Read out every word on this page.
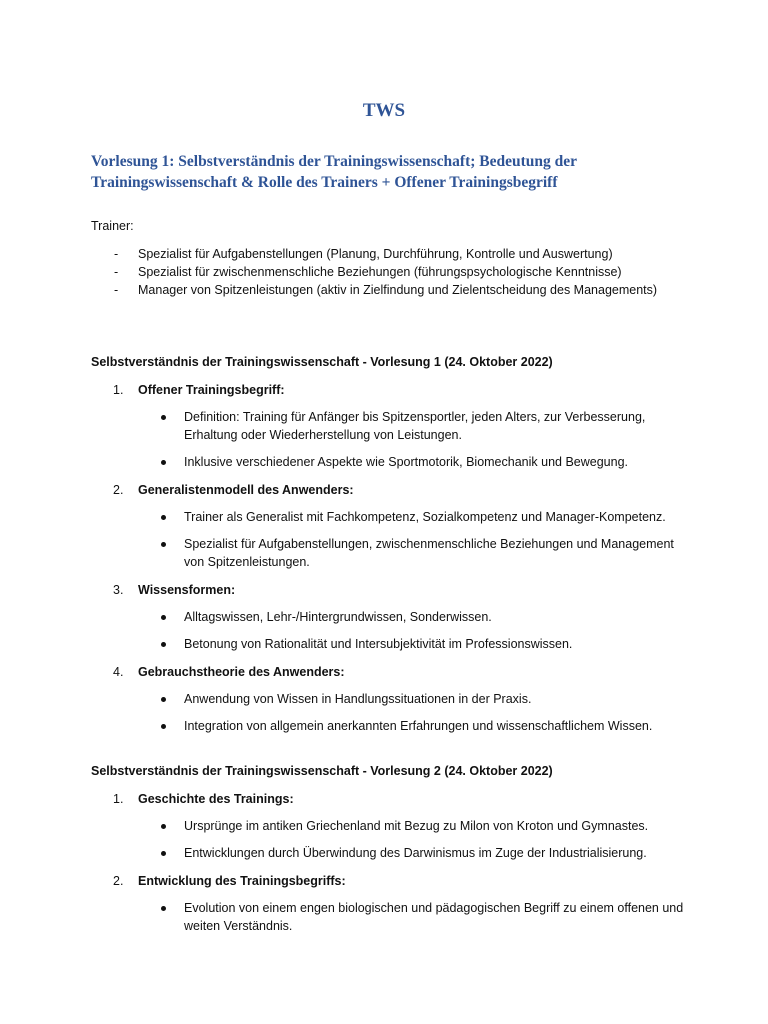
TWS
Vorlesung 1: Selbstverständnis der Trainingswissenschaft; Bedeutung der Trainingswissenschaft & Rolle des Trainers + Offener Trainingsbegriff

Trainer:

- Spezialist für Aufgabenstellungen (Planung, Durchführung, Kontrolle und Auswertung)
- Spezialist für zwischenmenschliche Beziehungen (führungspsychologische Kenntnisse)
- Manager von Spitzenleistungen (aktiv in Zielfindung und Zielentscheidung des Managements)

Selbstverständnis der Trainingswissenschaft - Vorlesung 1 (24. Oktober 2022)

1. Offener Trainingsbegriff:
Definition: Training für Anfänger bis Spitzensportler, jeden Alters, zur Verbesserung, Erhaltung oder Wiederherstellung von Leistungen.
Inklusive verschiedener Aspekte wie Sportmotorik, Biomechanik und Bewegung.
2. Generalistenmodell des Anwenders:
Trainer als Generalist mit Fachkompetenz, Sozialkompetenz und Manager-Kompetenz.
Spezialist für Aufgabenstellungen, zwischenmenschliche Beziehungen und Management von Spitzenleistungen.
3. Wissensformen:
Alltagswissen, Lehr-/Hintergrundwissen, Sonderwissen.
Betonung von Rationalität und Intersubjektivität im Professionswissen.
4. Gebrauchstheorie des Anwenders:
Anwendung von Wissen in Handlungssituationen in der Praxis.
Integration von allgemein anerkannten Erfahrungen und wissenschaftlichem Wissen.

Selbstverständnis der Trainingswissenschaft - Vorlesung 2 (24. Oktober 2022)

1. Geschichte des Trainings:
Ursprünge im antiken Griechenland mit Bezug zu Milon von Kroton und Gymnastes.
Entwicklungen durch Überwindung des Darwinismus im Zuge der Industrialisierung.
2. Entwicklung des Trainingsbegriffs:
Evolution von einem engen biologischen und pädagogischen Begriff zu einem offenen und weiten Verständnis.
